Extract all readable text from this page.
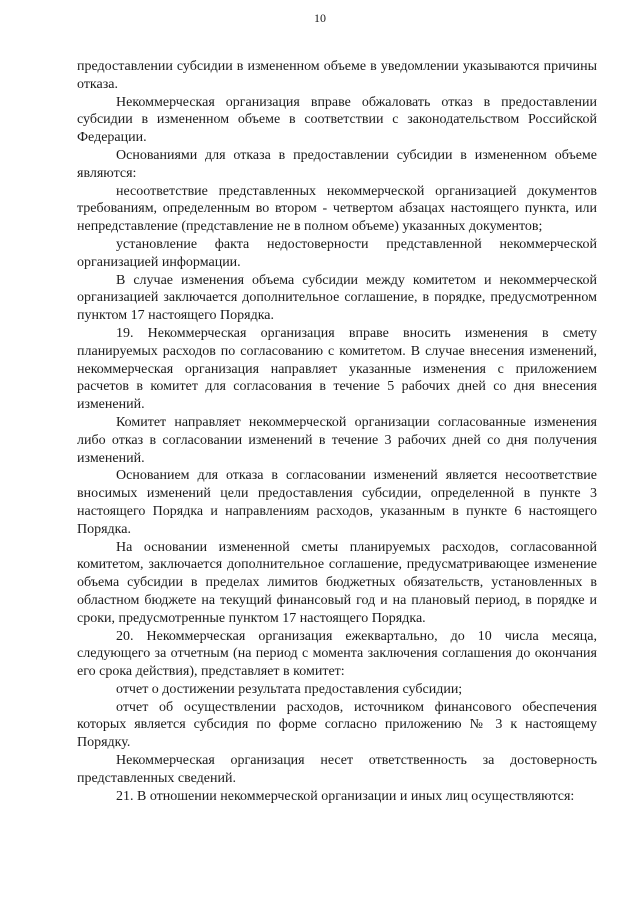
10

предоставлении субсидии в измененном объеме в уведомлении указываются причины отказа.

Некоммерческая организация вправе обжаловать отказ в предоставлении субсидии в измененном объеме в соответствии с законодательством Российской Федерации.

Основаниями для отказа в предоставлении субсидии в измененном объеме являются:

несоответствие представленных некоммерческой организацией документов требованиям, определенным во втором - четвертом абзацах настоящего пункта, или непредставление (представление не в полном объеме) указанных документов;

установление факта недостоверности представленной некоммерческой организацией информации.

В случае изменения объема субсидии между комитетом и некоммерческой организацией заключается дополнительное соглашение, в порядке, предусмотренном пунктом 17 настоящего Порядка.

19. Некоммерческая организация вправе вносить изменения в смету планируемых расходов по согласованию с комитетом. В случае внесения изменений, некоммерческая организация направляет указанные изменения с приложением расчетов в комитет для согласования в течение 5 рабочих дней со дня внесения изменений.

Комитет направляет некоммерческой организации согласованные изменения либо отказ в согласовании изменений в течение 3 рабочих дней со дня получения изменений.

Основанием для отказа в согласовании изменений является несоответствие вносимых изменений цели предоставления субсидии, определенной в пункте 3 настоящего Порядка и направлениям расходов, указанным в пункте 6 настоящего Порядка.

На основании измененной сметы планируемых расходов, согласованной комитетом, заключается дополнительное соглашение, предусматривающее изменение объема субсидии в пределах лимитов бюджетных обязательств, установленных в областном бюджете на текущий финансовый год и на плановый период, в порядке и сроки, предусмотренные пунктом 17 настоящего Порядка.

20. Некоммерческая организация ежеквартально, до 10 числа месяца, следующего за отчетным (на период с момента заключения соглашения до окончания его срока действия), представляет в комитет:

отчет о достижении результата предоставления субсидии;

отчет об осуществлении расходов, источником финансового обеспечения которых является субсидия по форме согласно приложению № 3 к настоящему Порядку.

Некоммерческая организация несет ответственность за достоверность представленных сведений.

21. В отношении некоммерческой организации и иных лиц осуществляются:
